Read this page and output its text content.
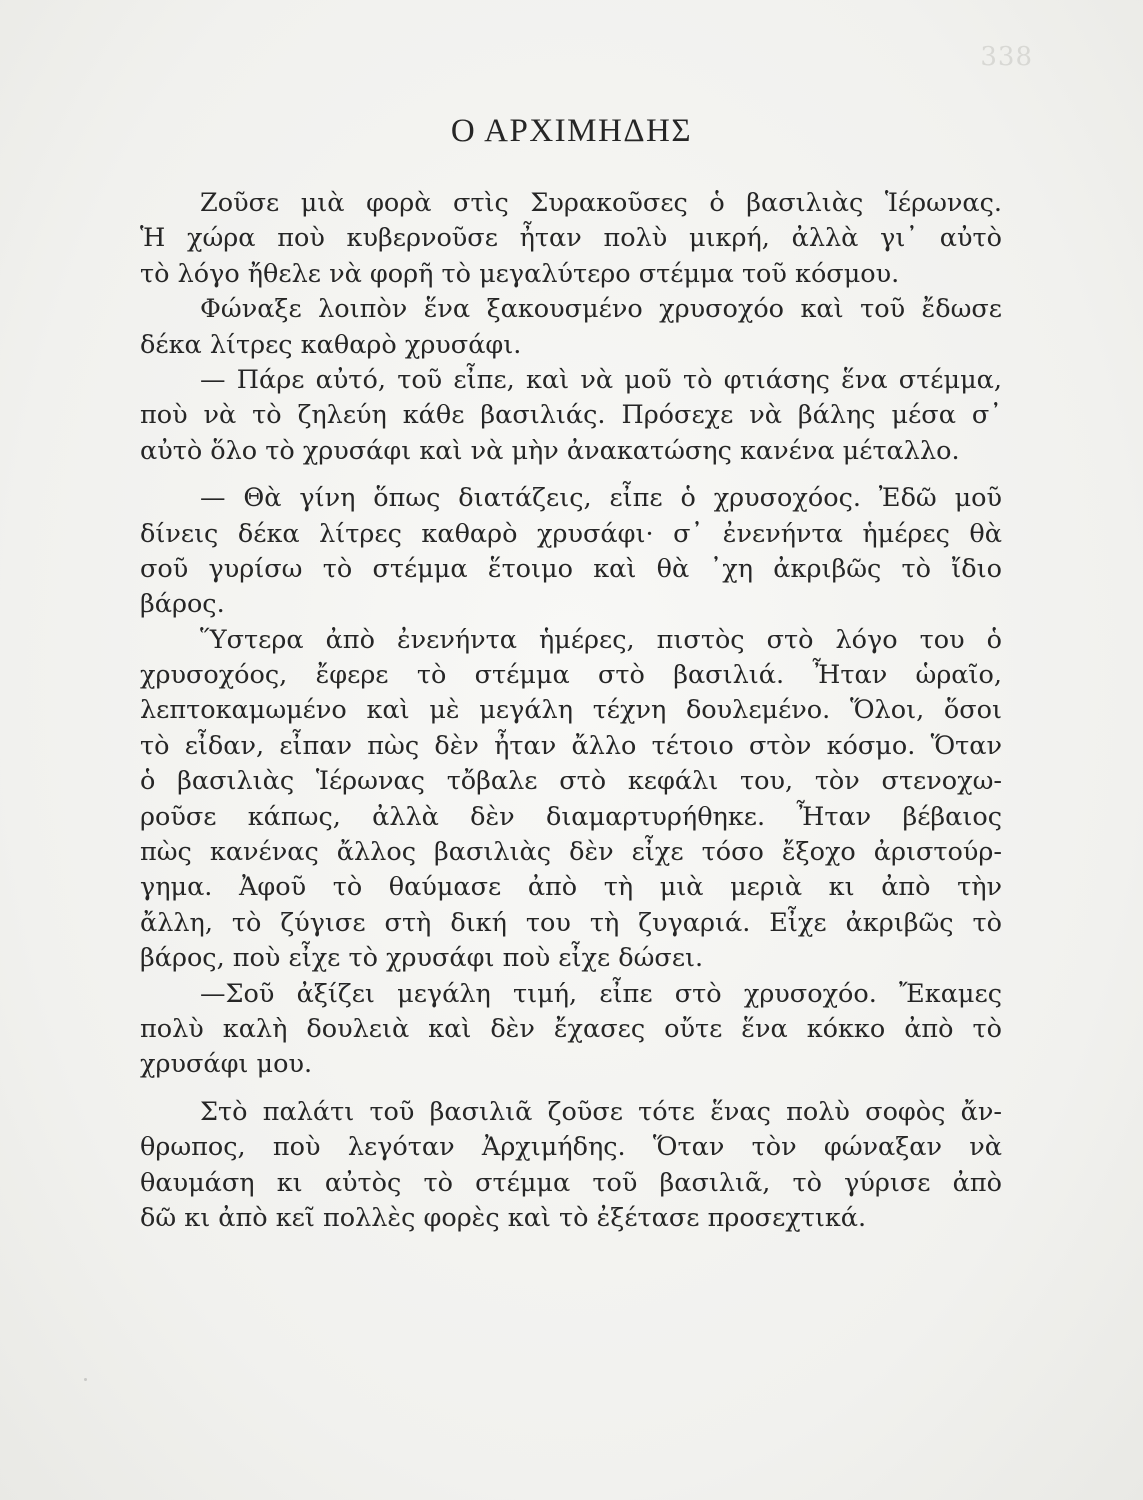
338
Ο ΑΡΧΙΜΗΔΗΣ
Ζοῦσε μιὰ φορὰ στὶς Συρακοῦσες ὁ βασιλιὰς Ἱέρωνας.
Ἡ χώρα ποὺ κυβερνοῦσε ἦταν πολὺ μικρή, ἀλλὰ γι᾽ αὐτὸ
τὸ λόγο ἤθελε νὰ φορῆ τὸ μεγαλύτερο στέμμα τοῦ κόσμου.
Φώναξε λοιπὸν ἕνα ξακουσμένο χρυσοχόο καὶ τοῦ ἔδωσε
δέκα λίτρες καθαρὸ χρυσάφι.
— Πάρε αὐτό, τοῦ εἶπε, καὶ νὰ μοῦ τὸ φτιάσης ἕνα στέμμα,
ποὺ νὰ τὸ ζηλεύη κάθε βασιλιάς. Πρόσεχε νὰ βάλης μέσα σ᾽
αὐτὸ ὅλο τὸ χρυσάφι καὶ νὰ μὴν ἀνακατώσης κανένα μέταλλο.
— Θὰ γίνη ὅπως διατάζεις, εἶπε ὁ χρυσοχόος. Ἐδῶ μοῦ
δίνεις δέκα λίτρες καθαρὸ χρυσάφι· σ᾽ ἐνενήντα ἡμέρες θὰ
σοῦ γυρίσω τὸ στέμμα ἕτοιμο καὶ θὰ ᾽χη ἀκριβῶς τὸ ἴδιο
βάρος.
Ὕστερα ἀπὸ ἐνενήντα ἡμέρες, πιστὸς στὸ λόγο του ὁ
χρυσοχόος, ἔφερε τὸ στέμμα στὸ βασιλιά. Ἦταν ὡραῖο,
λεπτοκαμωμένο καὶ μὲ μεγάλη τέχνη δουλεμένο. Ὅλοι, ὅσοι
τὸ εἶδαν, εἶπαν πὼς δὲν ἦταν ἄλλο τέτοιο στὸν κόσμο. Ὅταν
ὁ βασιλιὰς Ἱέρωνας τὄβαλε στὸ κεφάλι του, τὸν στενοχω-
ροῦσε κάπως, ἀλλὰ δὲν διαμαρτυρήθηκε. Ἦταν βέβαιος
πὼς κανένας ἄλλος βασιλιὰς δὲν εἶχε τόσο ἔξοχο ἀριστούρ-
γημα. Ἀφοῦ τὸ θαύμασε ἀπὸ τὴ μιὰ μεριὰ κι ἀπὸ τὴν
ἄλλη, τὸ ζύγισε στὴ δική του τὴ ζυγαριά. Εἶχε ἀκριβῶς τὸ
βάρος, ποὺ εἶχε τὸ χρυσάφι ποὺ εἶχε δώσει.
—Σοῦ ἀξίζει μεγάλη τιμή, εἶπε στὸ χρυσοχόο. Ἔκαμες
πολὺ καλὴ δουλειὰ καὶ δὲν ἔχασες οὔτε ἕνα κόκκο ἀπὸ τὸ
χρυσάφι μου.
Στὸ παλάτι τοῦ βασιλιᾶ ζοῦσε τότε ἕνας πολὺ σοφὸς ἄν-
θρωπος, ποὺ λεγόταν Ἀρχιμήδης. Ὅταν τὸν φώναξαν νὰ
θαυμάση κι αὐτὸς τὸ στέμμα τοῦ βασιλιᾶ, τὸ γύρισε ἀπὸ
δῶ κι ἀπὸ κεῖ πολλὲς φορὲς καὶ τὸ ἐξέτασε προσεχτικά.
